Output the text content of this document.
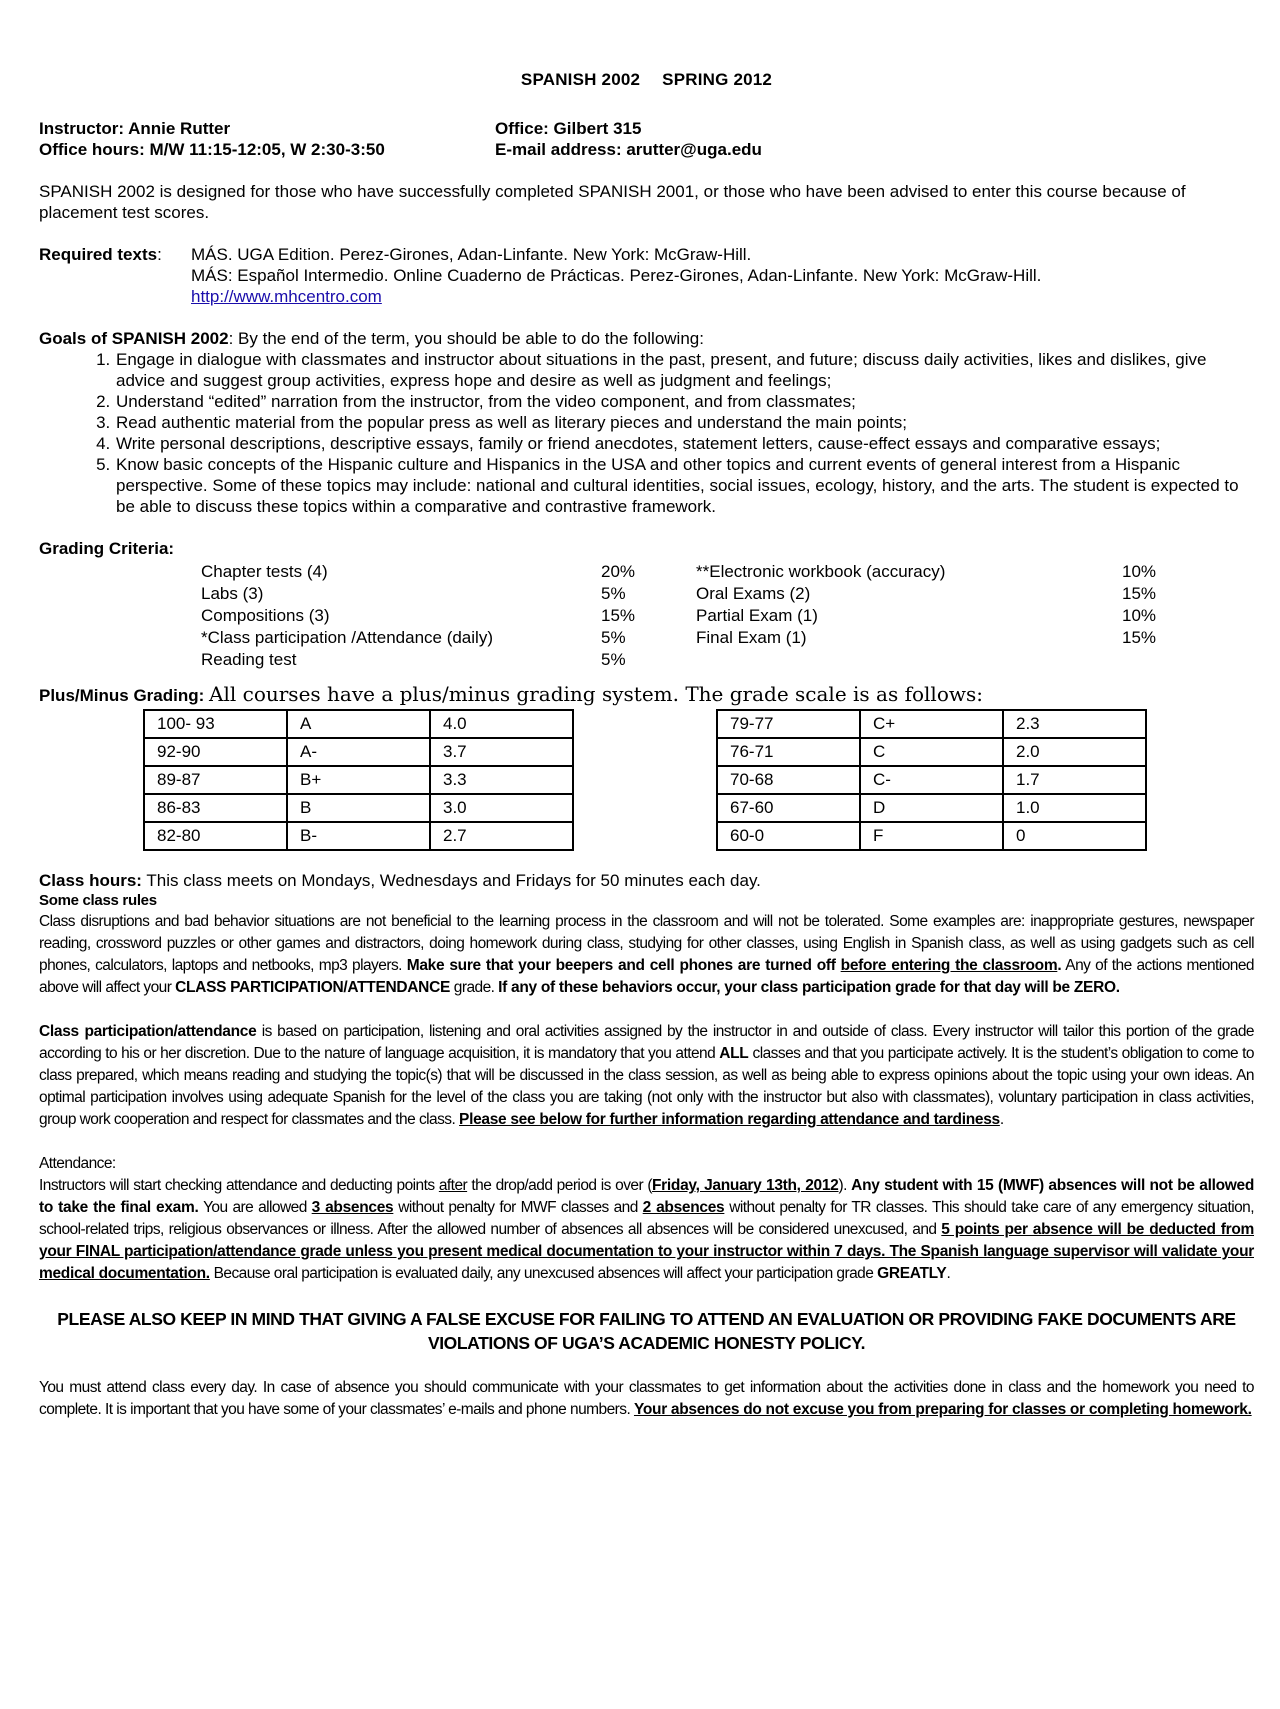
SPANISH 2002 SPRING 2012
Instructor: Annie Rutter	Office: Gilbert 315
Office hours: M/W 11:15-12:05, W 2:30-3:50	E-mail address: arutter@uga.edu

SPANISH 2002 is designed for those who have successfully completed SPANISH 2001, or those who have been advised to enter this course because of placement test scores.

Required texts:	MÁS. UGA Edition. Perez-Girones, Adan-Linfante. New York: McGraw-Hill.
MÁS: Español Intermedio. Online Cuaderno de Prácticas. Perez-Girones, Adan-Linfante. New York: McGraw-Hill.
http://www.mhcentro.com

Goals of SPANISH 2002: By the end of the term, you should be able to do the following:

1. Engage in dialogue with classmates and instructor about situations in the past, present, and future; discuss daily activities, likes and dislikes, give advice and suggest group activities, express hope and desire as well as judgment and feelings;
2. Understand “edited” narration from the instructor, from the video component, and from classmates;
3. Read authentic material from the popular press as well as literary pieces and understand the main points;
4. Write personal descriptions, descriptive essays, family or friend anecdotes, statement letters, cause-effect essays and comparative essays;
5. Know basic concepts of the Hispanic culture and Hispanics in the USA and other topics and current events of general interest from a Hispanic perspective. Some of these topics may include: national and cultural identities, social issues, ecology, history, and the arts. The student is expected to be able to discuss these topics within a comparative and contrastive framework.
Grading Criteria:
Chapter tests (4)	20%	**Electronic workbook (accuracy)	10%
Labs (3)	5%	Oral Exams (2)	15%
Compositions (3)	15%	Partial Exam (1)	10%
*Class participation /Attendance (daily)	5%	Final Exam (1)	15%
Reading test	5%
Plus/Minus Grading: All courses have a plus/minus grading system. The grade scale is as follows:
100- 93	A	4.0
92-90	A-	3.7
89-87	B+	3.3
86-83	B	3.0
82-80	B-	2.7
79-77	C+	2.3
76-71	C	2.0
70-68	C-	1.7
67-60	D	1.0
60-0	F	0

Class hours: This class meets on Mondays, Wednesdays and Fridays for 50 minutes each day.

Some class rules

Class disruptions and bad behavior situations are not beneficial to the learning process in the classroom and will not be tolerated. Some examples are: inappropriate gestures, newspaper reading, crossword puzzles or other games and distractors, doing homework during class, studying for other classes, using English in Spanish class, as well as using gadgets such as cell phones, calculators, laptops and netbooks, mp3 players. Make sure that your beepers and cell phones are turned off before entering the classroom. Any of the actions mentioned above will affect your CLASS PARTICIPATION/ATTENDANCE grade. If any of these behaviors occur, your class participation grade for that day will be ZERO.

Class participation/attendance is based on participation, listening and oral activities assigned by the instructor in and outside of class. Every instructor will tailor this portion of the grade according to his or her discretion. Due to the nature of language acquisition, it is mandatory that you attend ALL classes and that you participate actively. It is the student’s obligation to come to class prepared, which means reading and studying the topic(s) that will be discussed in the class session, as well as being able to express opinions about the topic using your own ideas. An optimal participation involves using adequate Spanish for the level of the class you are taking (not only with the instructor but also with classmates), voluntary participation in class activities, group work cooperation and respect for classmates and the class. Please see below for further information regarding attendance and tardiness.

Attendance:

Instructors will start checking attendance and deducting points after the drop/add period is over (Friday, January 13th, 2012). Any student with 15 (MWF) absences will not be allowed to take the final exam. You are allowed 3 absences without penalty for MWF classes and 2 absences without penalty for TR classes. This should take care of any emergency situation, school-related trips, religious observances or illness. After the allowed number of absences all absences will be considered unexcused, and 5 points per absence will be deducted from your FINAL participation/attendance grade unless you present medical documentation to your instructor within 7 days. The Spanish language supervisor will validate your medical documentation. Because oral participation is evaluated daily, any unexcused absences will affect your participation grade GREATLY.

PLEASE ALSO KEEP IN MIND THAT GIVING A FALSE EXCUSE FOR FAILING TO ATTEND AN EVALUATION OR PROVIDING FAKE DOCUMENTS ARE VIOLATIONS OF UGA’S ACADEMIC HONESTY POLICY.

You must attend class every day. In case of absence you should communicate with your classmates to get information about the activities done in class and the homework you need to complete. It is important that you have some of your classmates’ e-mails and phone numbers. Your absences do not excuse you from preparing for classes or completing homework.
